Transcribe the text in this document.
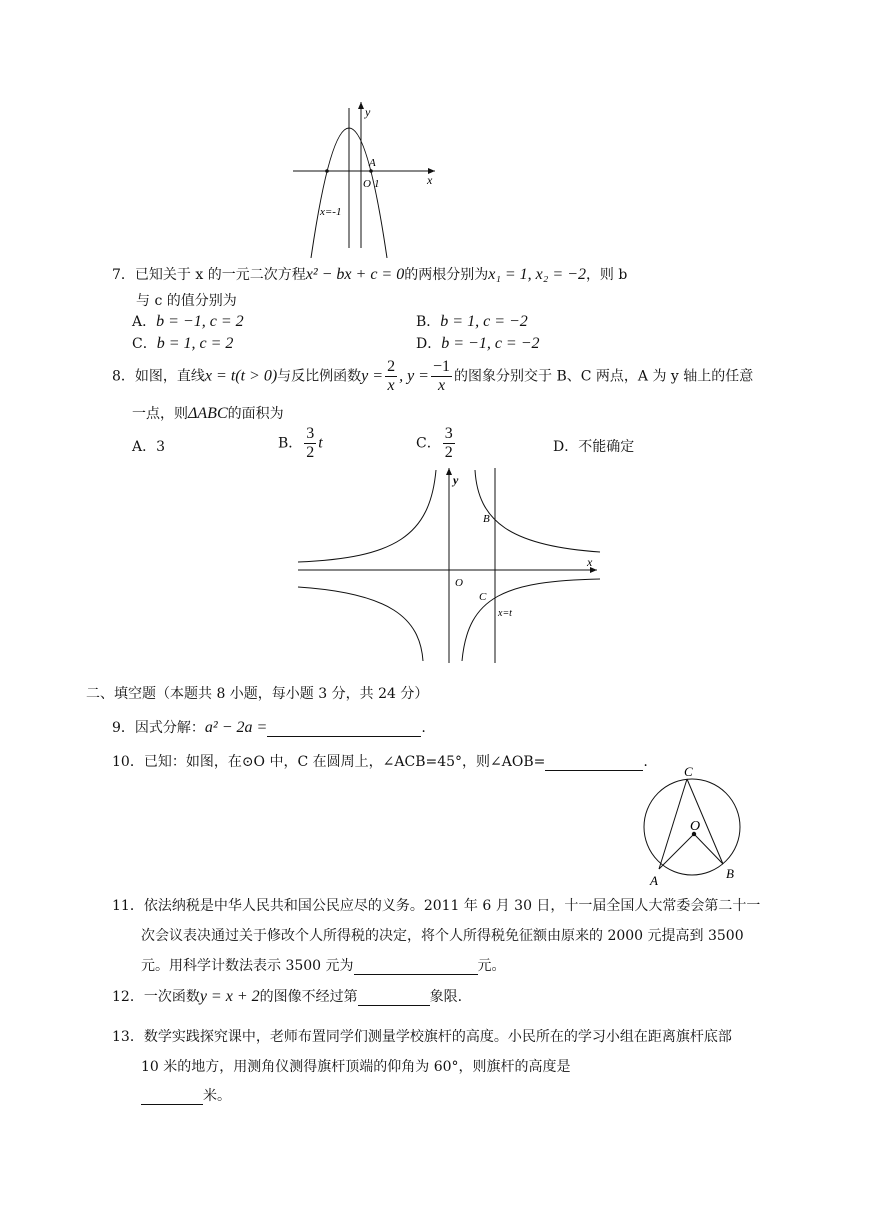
y
x
O
A
1
x=-1
7．已知关于 x 的一元二次方程x² − bx + c = 0的两根分别为x₁ = 1, x₂ = −2，则 b
与 c 的值分别为
A．b = −1, c = 2	B．b = 1, c = −2
C．b = 1, c = 2	D．b = −1, c = −2
8．如图，直线x = t(t > 0)与反比例函数$y = \frac{2}{x}$ , $y = \frac{-1}{x}$ 的图象分别交于 B、C 两点，A 为 y 轴上的任意
一点，则ΔABC的面积为
A．3	B． $\frac{3}{2}$ t	C． $\frac{3}{2}$	D．不能确定
y
x
O
B
C
x=t
二、填空题（本题共 8 小题，每小题 3 分，共 24 分）
9．因式分解：a² − 2a =	.
10．已知：如图，在⊙O 中，C 在圆周上，∠ACB=45°，则∠AOB=	.
C
O
A	B
11．依法纳税是中华人民共和国公民应尽的义务。2011 年 6 月 30 日，十一届全国人大常委会第二十一
次会议表决通过关于修改个人所得税的决定，将个人所得税免征额由原来的 2000 元提高到 3500
元。用科学计数法表示 3500 元为	元。
12．一次函数y = x + 2的图像不经过第	象限.
13．数学实践探究课中，老师布置同学们测量学校旗杆的高度。小民所在的学习小组在距离旗杆底部
10 米的地方，用测角仪测得旗杆顶端的仰角为 60°，则旗杆的高度是
米。
